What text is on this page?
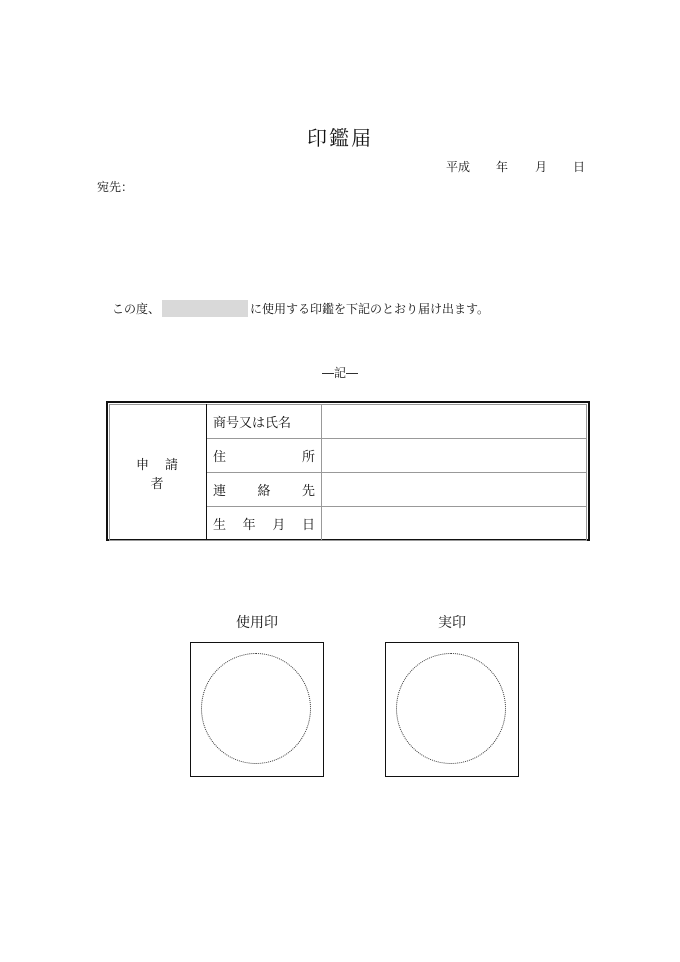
印鑑届
平成 年 月 日
宛先：
この度、	に使用する印鑑を下記のとおり届け出ます。
―記―
申請者	商号又は氏名	

	住 所	

	連 絡 先	

	生 年 月 日	

使用印	実印
